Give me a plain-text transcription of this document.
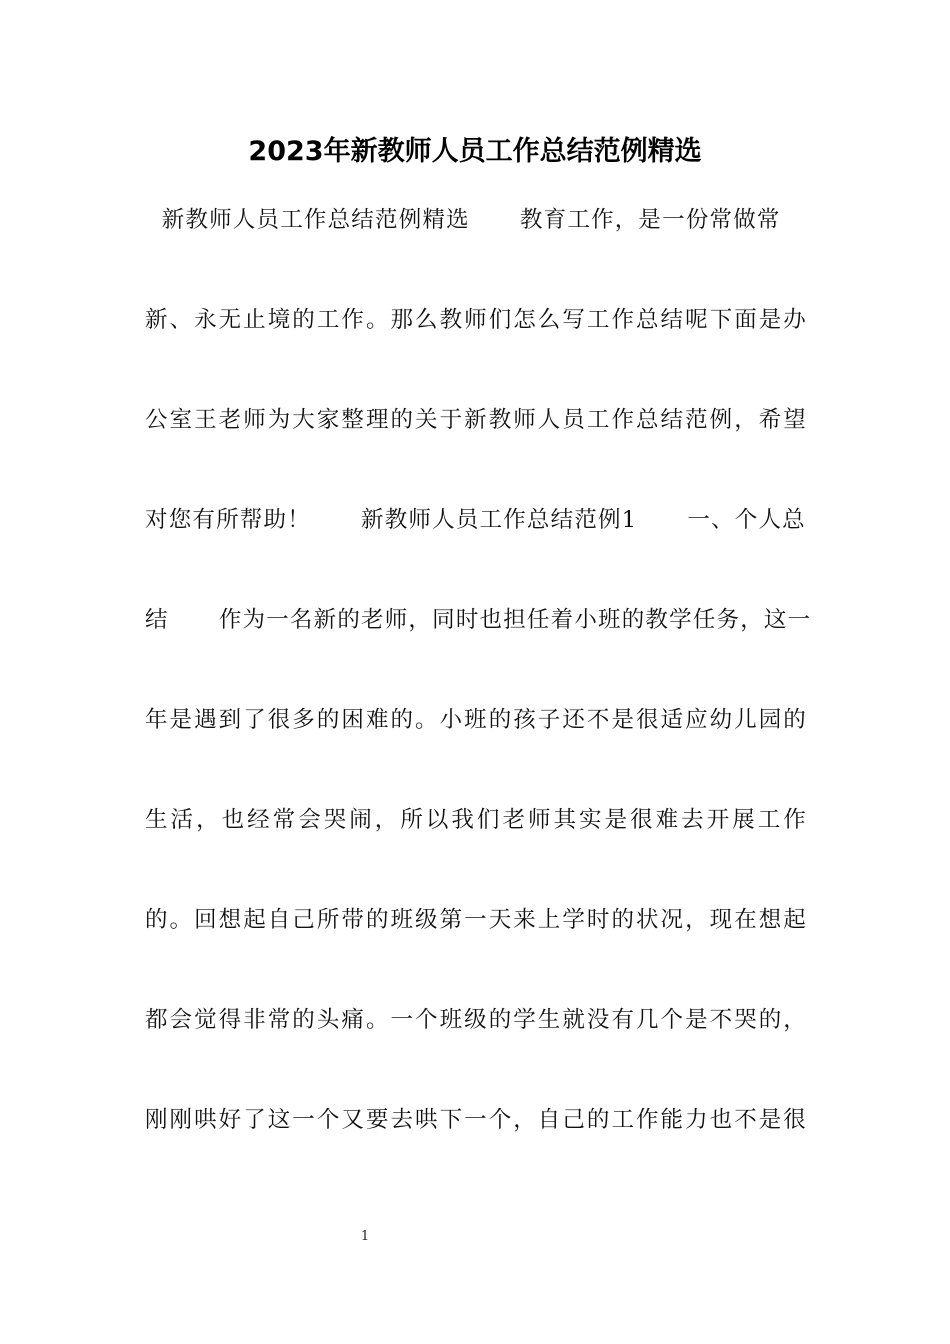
2023年新教师人员工作总结范例精选
新教师人员工作总结范例精选      教育工作，是一份常做常
新、永无止境的工作。那么教师们怎么写工作总结呢下面是办
公室王老师为大家整理的关于新教师人员工作总结范例，希望
对您有所帮助！      新教师人员工作总结范例1      一、个人总
结      作为一名新的老师，同时也担任着小班的教学任务，这一
年是遇到了很多的困难的。小班的孩子还不是很适应幼儿园的
生活，也经常会哭闹，所以我们老师其实是很难去开展工作
的。回想起自己所带的班级第一天来上学时的状况，现在想起
都会觉得非常的头痛。一个班级的学生就没有几个是不哭的，
刚刚哄好了这一个又要去哄下一个，自己的工作能力也不是很
1
